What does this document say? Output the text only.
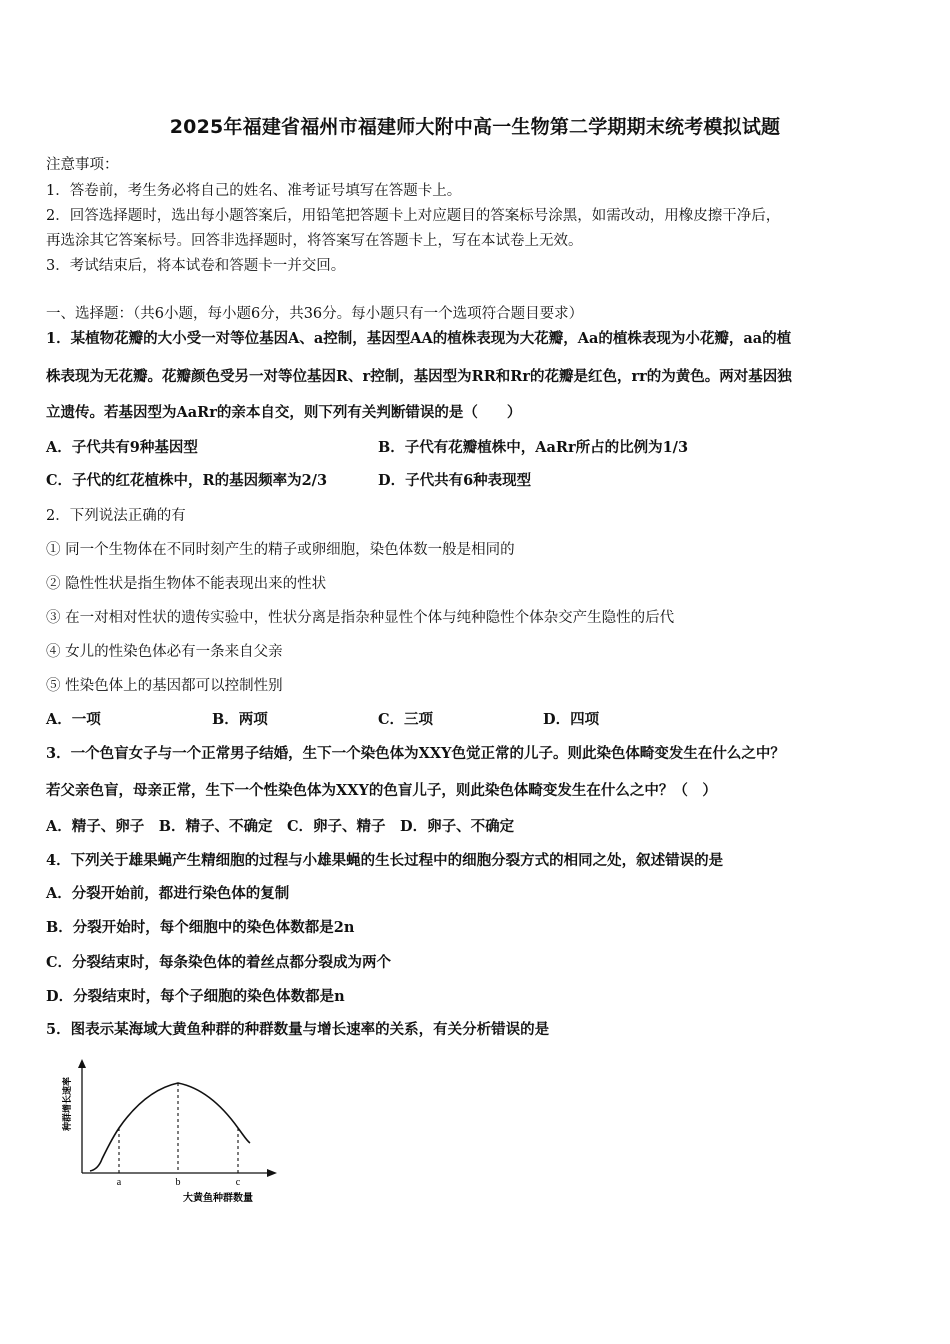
2025年福建省福州市福建师大附中高一生物第二学期期末统考模拟试题
注意事项：
1．答卷前，考生务必将自己的姓名、准考证号填写在答题卡上。
2．回答选择题时，选出每小题答案后，用铅笔把答题卡上对应题目的答案标号涂黑，如需改动，用橡皮擦干净后，
再选涂其它答案标号。回答非选择题时，将答案写在答题卡上，写在本试卷上无效。
3．考试结束后，将本试卷和答题卡一并交回。
一、选择题：（共6小题，每小题6分，共36分。每小题只有一个选项符合题目要求）
1．某植物花瓣的大小受一对等位基因A、a控制，基因型AA的植株表现为大花瓣，Aa的植株表现为小花瓣，aa的植
株表现为无花瓣。花瓣颜色受另一对等位基因R、r控制，基因型为RR和Rr的花瓣是红色，rr的为黄色。两对基因独
立遗传。若基因型为AaRr的亲本自交，则下列有关判断错误的是（　　）
A．子代共有9种基因型	B．子代有花瓣植株中，AaRr所占的比例为1/3
C．子代的红花植株中，R的基因频率为2/3	D．子代共有6种表现型
2．下列说法正确的有
① 同一个生物体在不同时刻产生的精子或卵细胞，染色体数一般是相同的
② 隐性性状是指生物体不能表现出来的性状
③ 在一对相对性状的遗传实验中，性状分离是指杂种显性个体与纯种隐性个体杂交产生隐性的后代
④ 女儿的性染色体必有一条来自父亲
⑤ 性染色体上的基因都可以控制性别
A．一项	B．两项	C．三项	D．四项
3．一个色盲女子与一个正常男子结婚，生下一个染色体为XXY色觉正常的儿子。则此染色体畸变发生在什么之中？
若父亲色盲，母亲正常，生下一个性染色体为XXY的色盲儿子，则此染色体畸变发生在什么之中？（　）
A．精子、卵子　B．精子、不确定　C．卵子、精子　D．卵子、不确定
4．下列关于雄果蝇产生精细胞的过程与小雄果蝇的生长过程中的细胞分裂方式的相同之处，叙述错误的是
A．分裂开始前，都进行染色体的复制
B．分裂开始时，每个细胞中的染色体数都是2n
C．分裂结束时，每条染色体的着丝点都分裂成为两个
D．分裂结束时，每个子细胞的染色体数都是n
5．图表示某海域大黄鱼种群的种群数量与增长速率的关系，有关分析错误的是
a	b	c
大黄鱼种群数量
种群增长速率
